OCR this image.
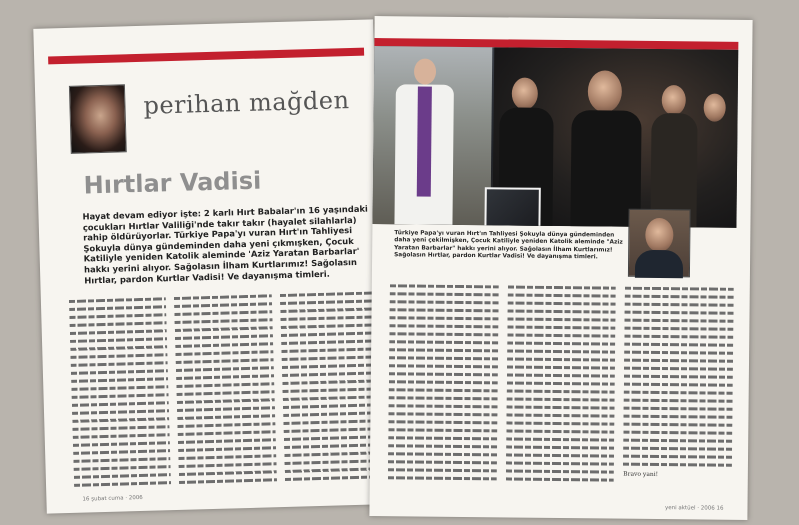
perihan mağden
Hırtlar Vadisi
Hayat devam ediyor işte: 2 karlı Hırt Babalar'ın 16 yaşındaki çocukları Hırtlar Valiliği'nde takır takır (hayalet silahlarla) rahip öldürüyorlar. Türkiye Papa'yı vuran Hırt'ın Tahliyesi Şokuyla dünya gündeminden daha yeni çıkmışken, Çocuk Katiliyle yeniden Katolik aleminde 'Aziz Yaratan Barbarlar' hakkı yerini alıyor. Sağolasın İlham Kurtlarımız! Sağolasın Hırtlar, pardon Kurtlar Vadisi! Ve dayanışma timleri.
16 şubat cuma · 2006
Türkiye Papa'yı vuran Hırt'ın Tahliyesi Şokuyla dünya gündeminden daha yeni çekilmişken, Çocuk Katiliyle yeniden Katolik aleminde "Aziz Yaratan Barbarlar" hakkı yerini alıyor. Sağolasın İlham Kurtlarımız! Sağolasın Hırtlar, pardon Kurtlar Vadisi! Ve dayanışma timleri.
Bravo yani!
yeni aktüel · 2006 16
